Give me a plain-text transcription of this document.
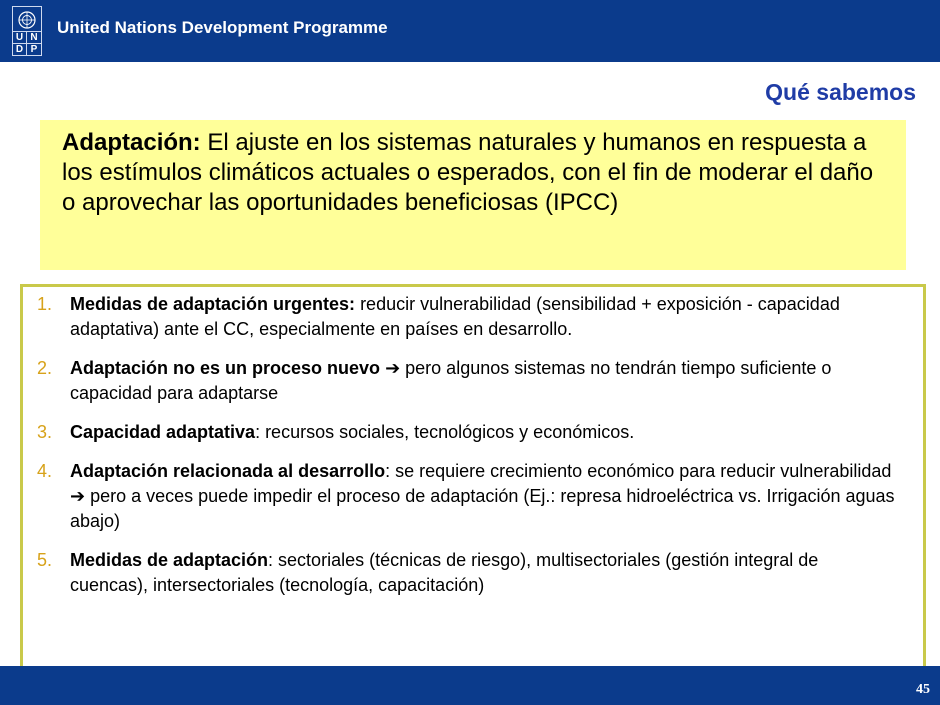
U N
D P
United Nations Development Programme
Qué sabemos
Adaptación: El ajuste en los sistemas naturales y humanos en respuesta a los estímulos climáticos actuales o esperados, con el fin de moderar el daño o aprovechar las oportunidades beneficiosas (IPCC)
1. Medidas de adaptación urgentes: reducir vulnerabilidad (sensibilidad + exposición - capacidad adaptativa) ante el CC, especialmente en países en desarrollo.
2. Adaptación no es un proceso nuevo ➔ pero algunos sistemas no tendrán tiempo suficiente o capacidad para adaptarse
3. Capacidad adaptativa: recursos sociales, tecnológicos y económicos.
4. Adaptación relacionada al desarrollo: se requiere crecimiento económico para reducir vulnerabilidad ➔ pero a veces puede impedir el proceso de adaptación (Ej.: represa hidroeléctrica vs. Irrigación aguas abajo)
5. Medidas de adaptación: sectoriales (técnicas de riesgo), multisectoriales (gestión integral de cuencas), intersectoriales (tecnología, capacitación)
45
